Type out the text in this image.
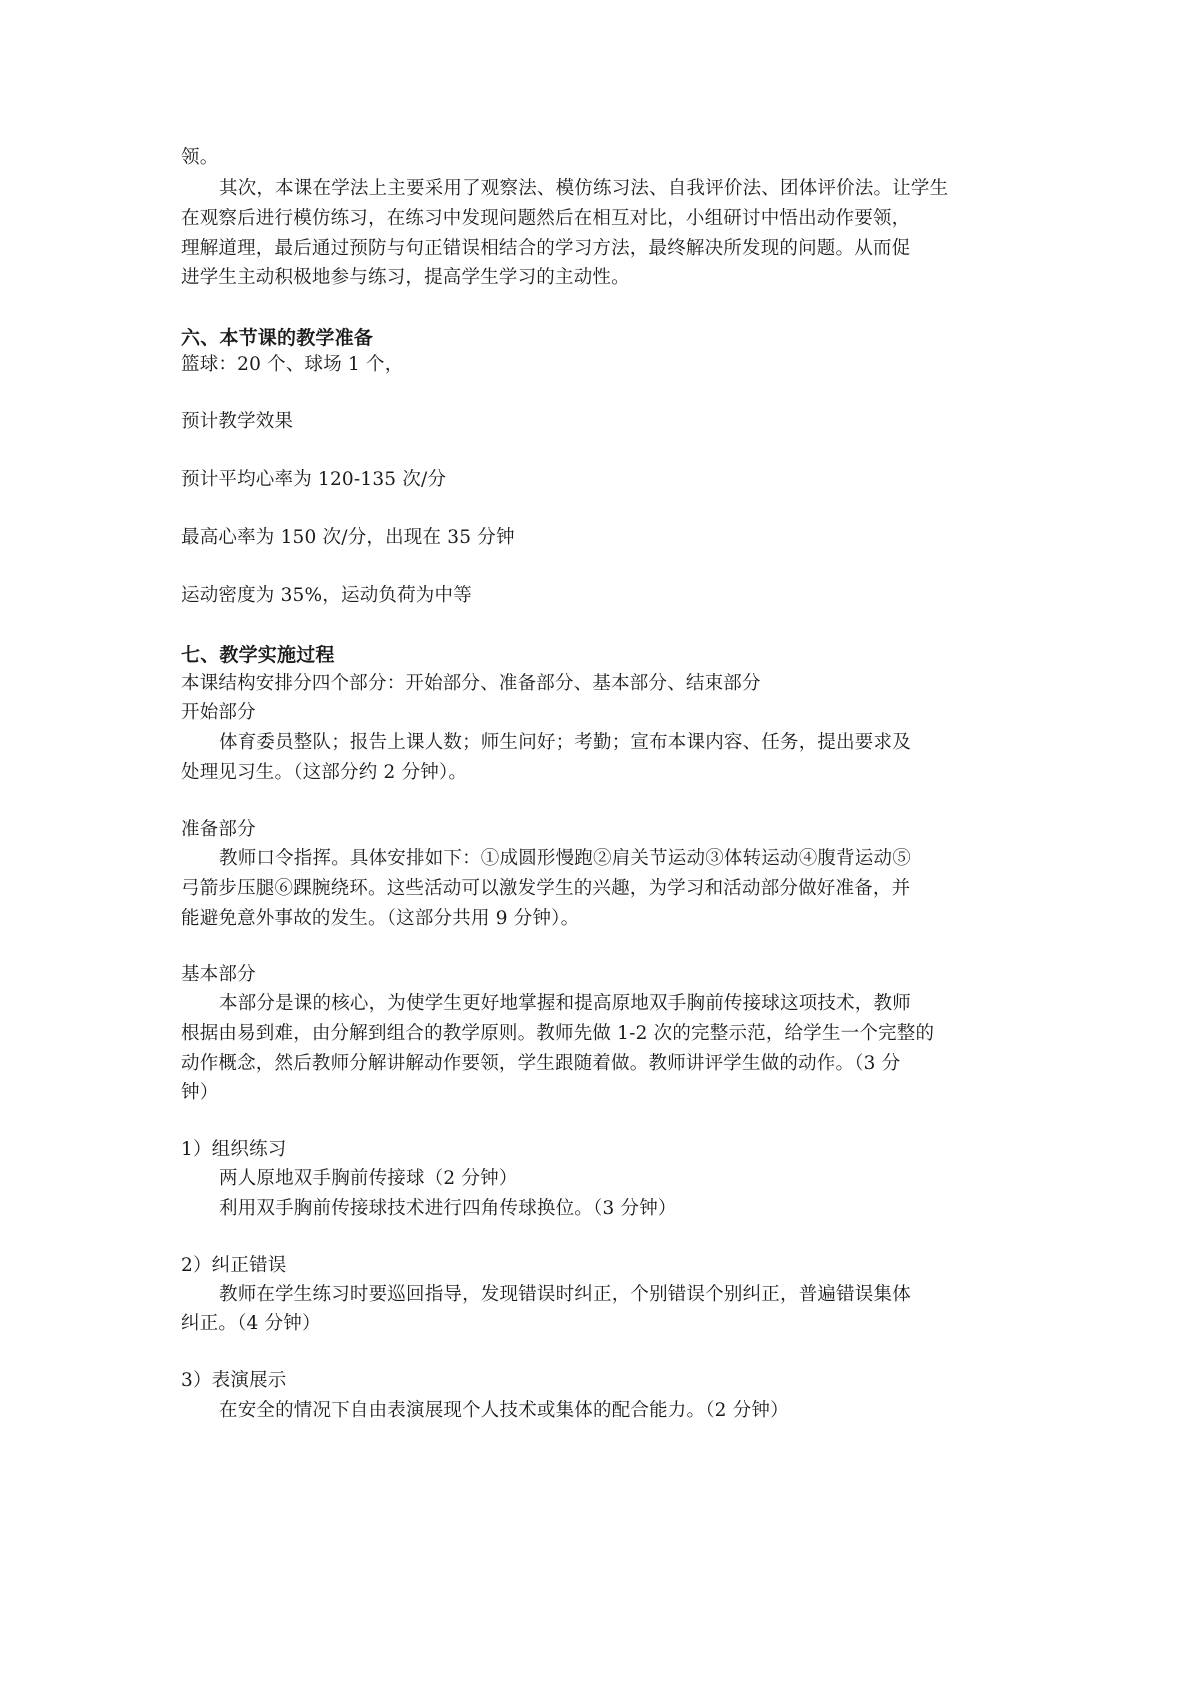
领。
其次，本课在学法上主要采用了观察法、模仿练习法、自我评价法、团体评价法。让学生
在观察后进行模仿练习，在练习中发现问题然后在相互对比，小组研讨中悟出动作要领，
理解道理，最后通过预防与句正错误相结合的学习方法，最终解决所发现的问题。从而促
进学生主动积极地参与练习，提高学生学习的主动性。
六、本节课的教学准备
篮球：20 个、球场 1 个，
预计教学效果
预计平均心率为 120-135 次/分
最高心率为 150 次/分，出现在 35 分钟
运动密度为 35%，运动负荷为中等
七、教学实施过程
本课结构安排分四个部分：开始部分、准备部分、基本部分、结束部分
开始部分
体育委员整队；报告上课人数；师生问好；考勤；宣布本课内容、任务，提出要求及
处理见习生。（这部分约 2 分钟）。
准备部分
教师口令指挥。具体安排如下：①成圆形慢跑②肩关节运动③体转运动④腹背运动⑤
弓箭步压腿⑥踝腕绕环。这些活动可以激发学生的兴趣，为学习和活动部分做好准备，并
能避免意外事故的发生。（这部分共用 9 分钟）。
基本部分
本部分是课的核心，为使学生更好地掌握和提高原地双手胸前传接球这项技术，教师
根据由易到难，由分解到组合的教学原则。教师先做 1-2 次的完整示范，给学生一个完整的
动作概念，然后教师分解讲解动作要领，学生跟随着做。教师讲评学生做的动作。（3 分
钟）
1）组织练习
两人原地双手胸前传接球（2 分钟）
利用双手胸前传接球技术进行四角传球换位。（3 分钟）
2）纠正错误
教师在学生练习时要巡回指导，发现错误时纠正，个别错误个别纠正，普遍错误集体
纠正。（4 分钟）
3）表演展示
在安全的情况下自由表演展现个人技术或集体的配合能力。（2 分钟）
